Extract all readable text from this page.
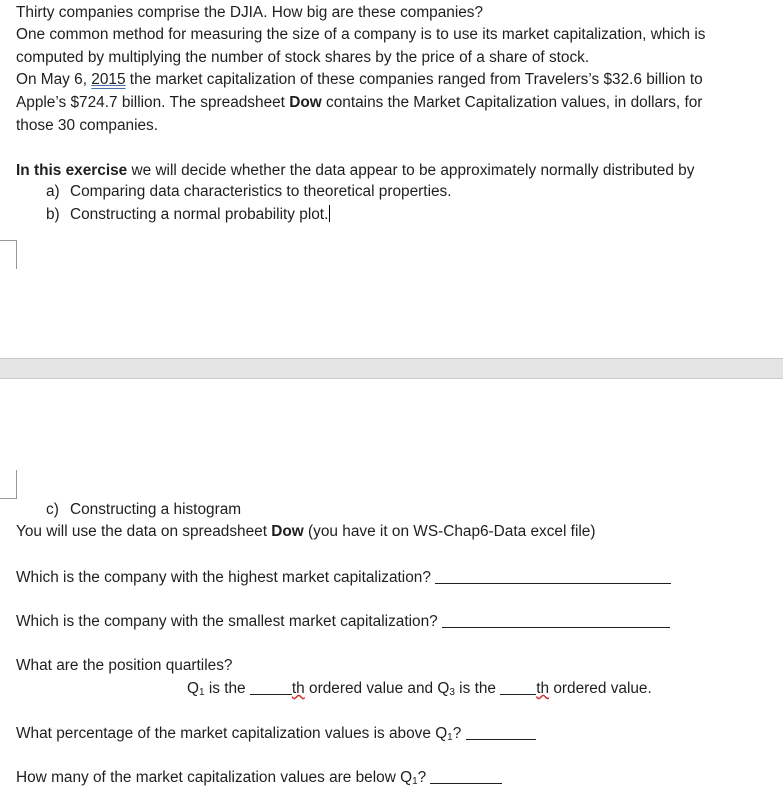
Thirty companies comprise the DJIA. How big are these companies?
One common method for measuring the size of a company is to use its market capitalization, which is
computed by multiplying the number of stock shares by the price of a share of stock.
On May 6, 2015 the market capitalization of these companies ranged from Travelers’s $32.6 billion to
Apple’s $724.7 billion. The spreadsheet Dow contains the Market Capitalization values, in dollars, for
those 30 companies.
In this exercise we will decide whether the data appear to be approximately normally distributed by
a) Comparing data characteristics to theoretical properties.
b) Constructing a normal probability plot.
c) Constructing a histogram
You will use the data on spreadsheet Dow (you have it on WS-Chap6-Data excel file)
Which is the company with the highest market capitalization?
Which is the company with the smallest market capitalization?
What are the position quartiles?
$Q_1$ is the	th ordered value and $Q_3$ is the th ordered value.
What percentage of the market capitalization values is above $Q_1$?
How many of the market capitalization values are below $Q_1$?
